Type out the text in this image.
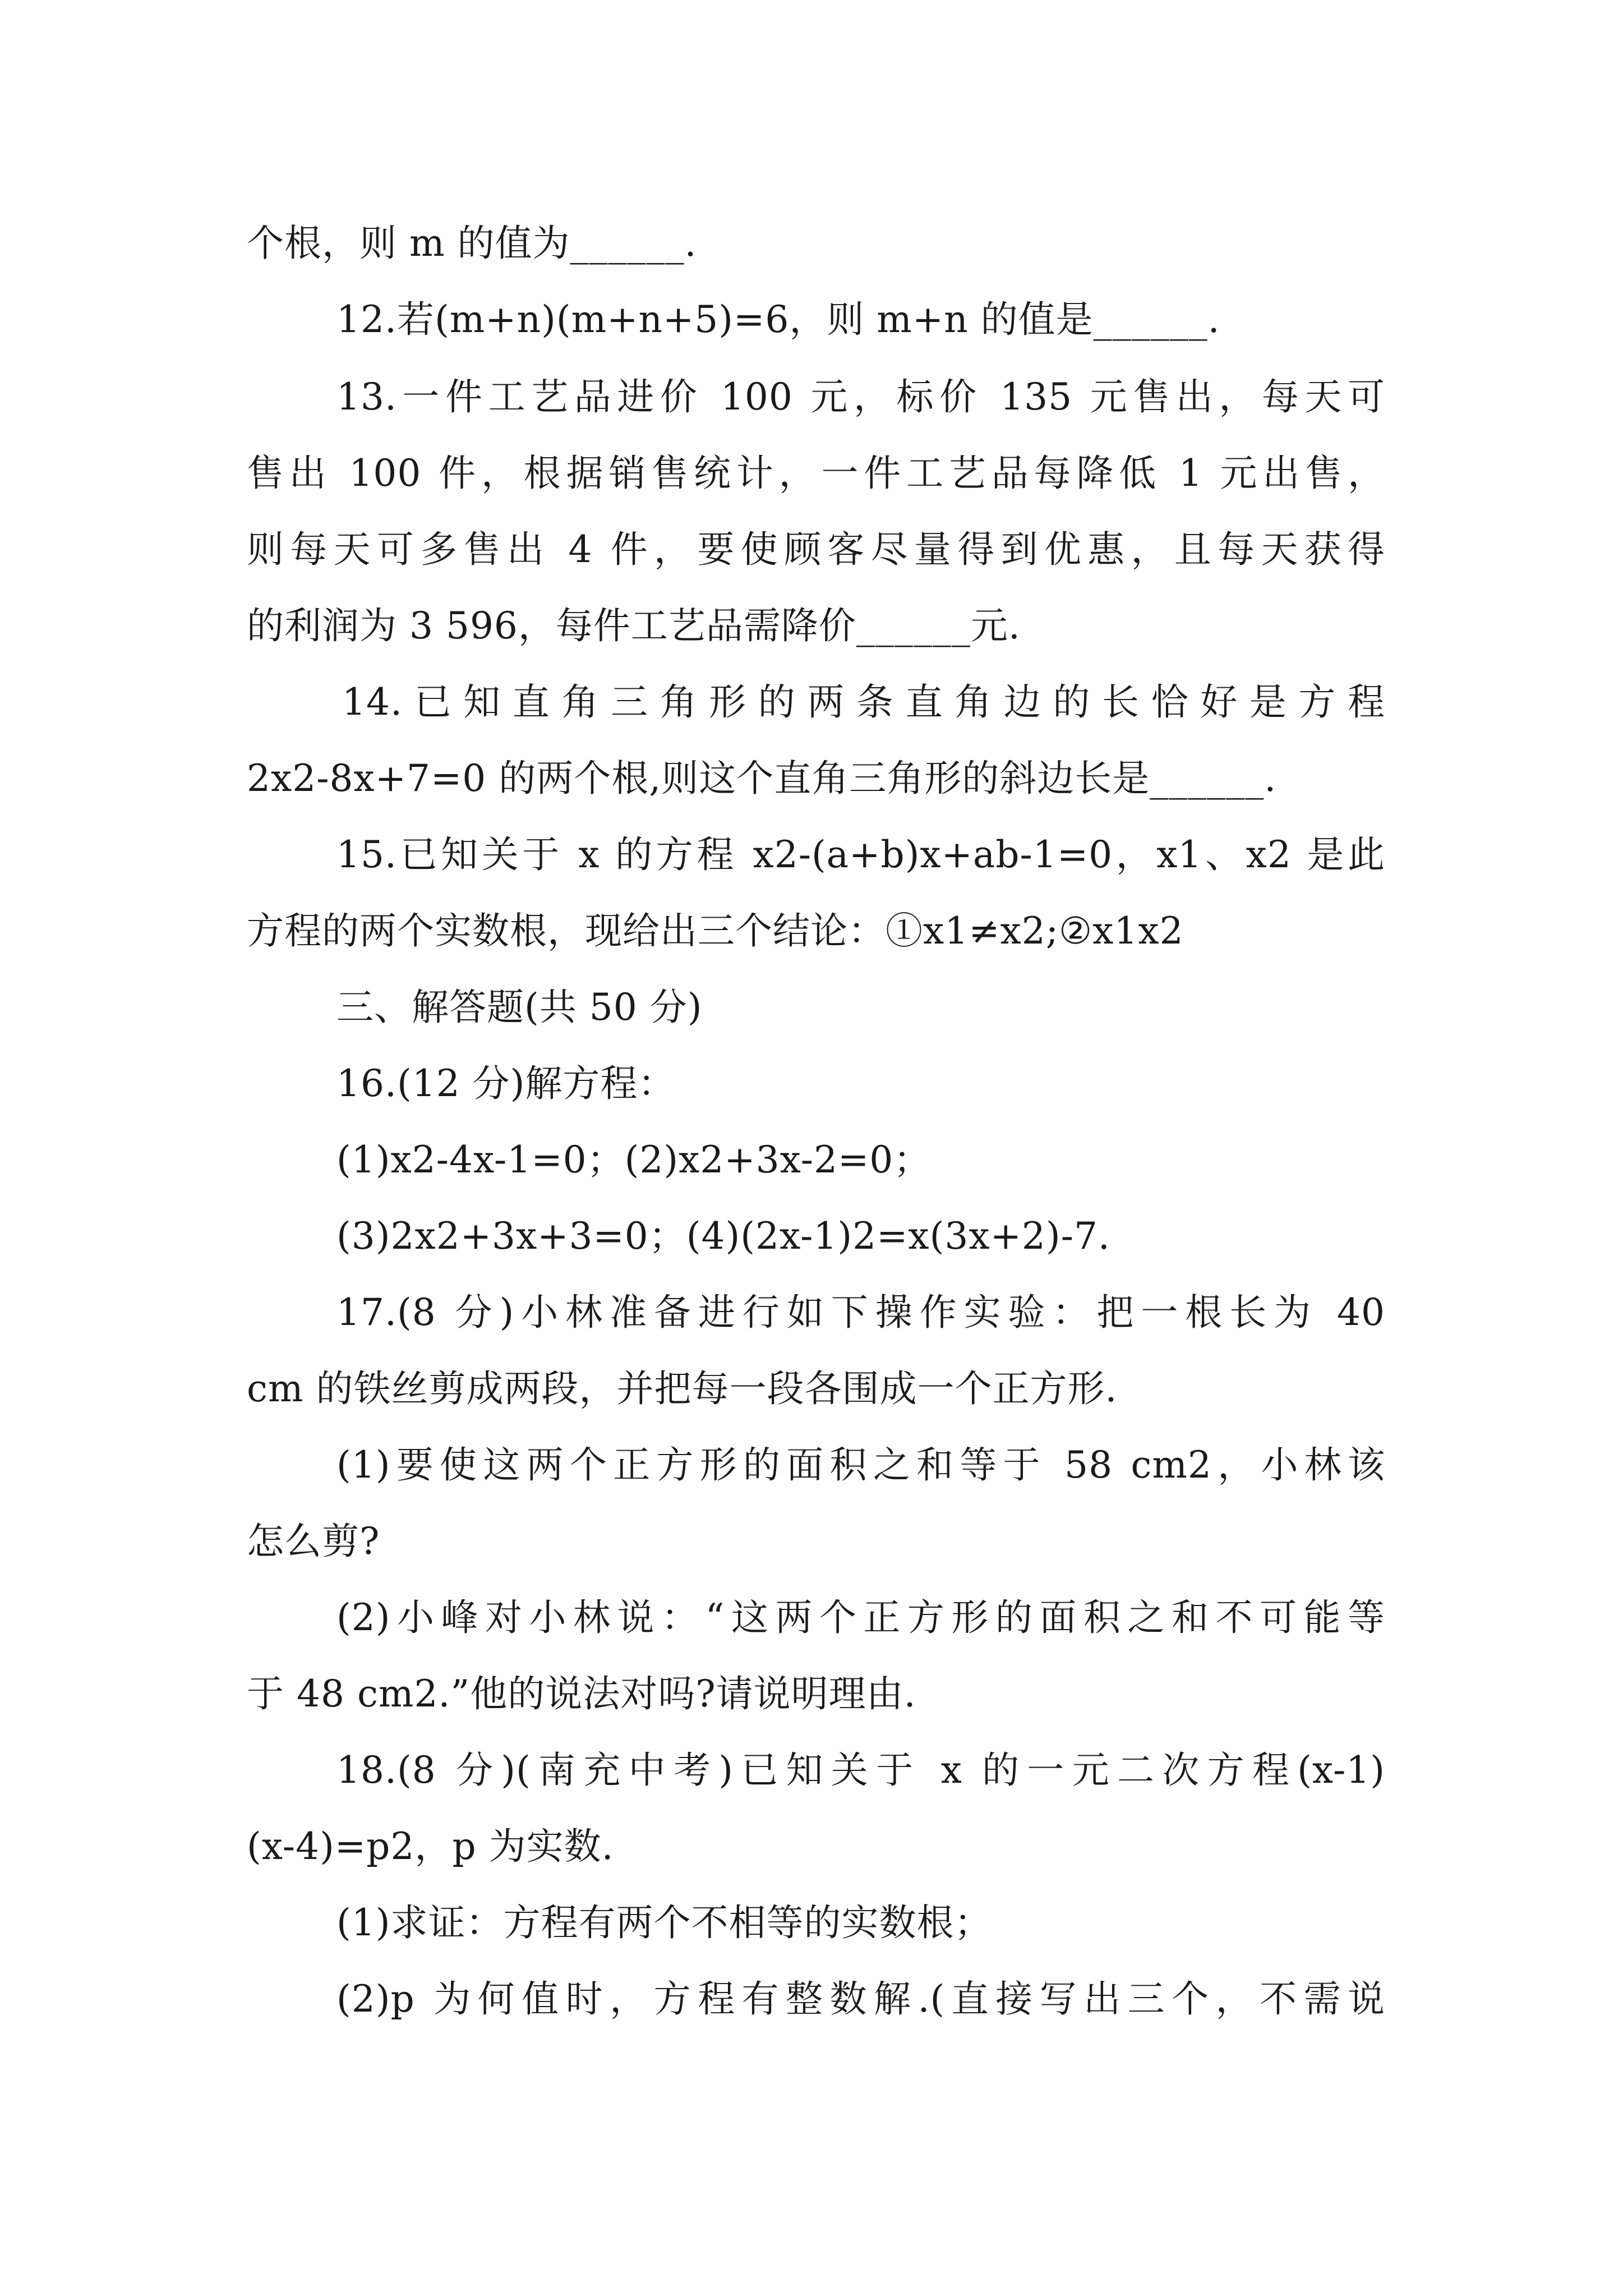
个根，则 m 的值为______.
12.若(m+n)(m+n+5)=6，则 m+n 的值是______.
13.一件工艺品进价 100 元，标价 135 元售出，每天可
售出 100 件，根据销售统计，一件工艺品每降低 1 元出售，
则每天可多售出 4 件，要使顾客尽量得到优惠，且每天获得
的利润为 3 596，每件工艺品需降价______元.
14.已知直角三角形的两条直角边的长恰好是方程
2x2-8x+7=0 的两个根,则这个直角三角形的斜边长是______.
15.已知关于 x 的方程 x2-(a+b)x+ab-1=0，x1、x2 是此
方程的两个实数根，现给出三个结论：①x1≠x2;②x1x2
三、解答题(共 50 分)
16.(12 分)解方程：
(1)x2-4x-1=0；(2)x2+3x-2=0；
(3)2x2+3x+3=0；(4)(2x-1)2=x(3x+2)-7.
17.(8 分)小林准备进行如下操作实验：把一根长为 40
cm 的铁丝剪成两段，并把每一段各围成一个正方形.
(1)要使这两个正方形的面积之和等于 58 cm2，小林该
怎么剪?
(2)小峰对小林说：“这两个正方形的面积之和不可能等
于 48 cm2.”他的说法对吗?请说明理由.
18.(8 分)(南充中考)已知关于 x 的一元二次方程(x-1)
(x-4)=p2，p 为实数.
(1)求证：方程有两个不相等的实数根；
(2)p 为何值时，方程有整数解.(直接写出三个，不需说
